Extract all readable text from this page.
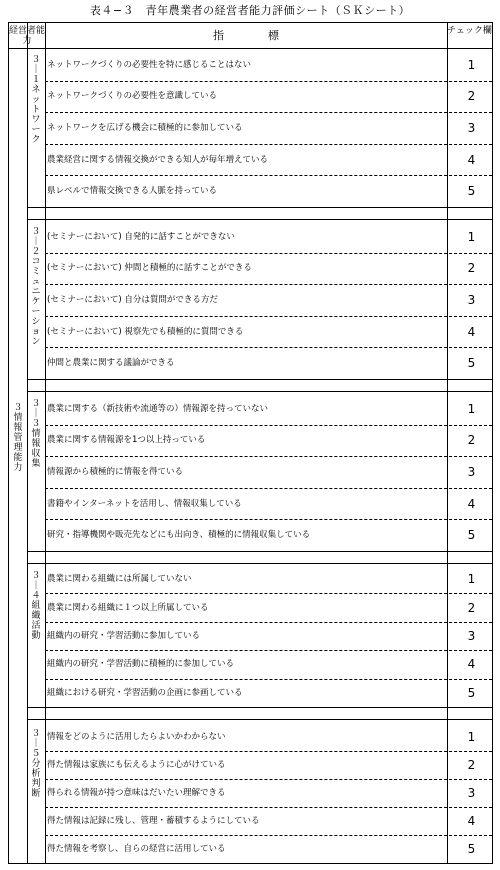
表４−３　青年農業者の経営者能力評価シート（ＳＫシート）
経営者能力	指　　　　標	チェック欄
３情報管理能力
３｜１ネットワーク
ネットワークづくりの必要性を特に感じることはない	1
ネットワークづくりの必要性を意識している	2
ネットワークを広げる機会に積極的に参加している	3
農業経営に関する情報交換ができる知人が毎年増えている	4
県レベルで情報交換できる人脈を持っている	5
３｜２コミュニケーション
(セミナーにおいて) 自発的に話すことができない	1
(セミナーにおいて) 仲間と積極的に話すことができる	2
(セミナーにおいて) 自分は質問ができる方だ	3
(セミナーにおいて) 視察先でも積極的に質問できる	4
仲間と農業に関する議論ができる	5
３｜３情報収集
農業に関する（新技術や流通等の）情報源を持っていない	1
農業に関する情報源を1つ以上持っている	2
情報源から積極的に情報を得ている	3
書籍やインターネットを活用し、情報収集している	4
研究・指導機関や販売先などにも出向き、積極的に情報収集している	5
３｜４組織活動
農業に関わる組織には所属していない	1
農業に関わる組織に１つ以上所属している	2
組織内の研究・学習活動に参加している	3
組織内の研究・学習活動に積極的に参加している	4
組織における研究・学習活動の企画に参画している	5
３｜５分析判断
情報をどのように活用したらよいかわからない	1
得た情報は家族にも伝えるように心がけている	2
得られる情報が持つ意味はだいたい理解できる	3
得た情報は記録に残し、管理・蓄積するようにしている	4
得た情報を考察し、自らの経営に活用している	5
